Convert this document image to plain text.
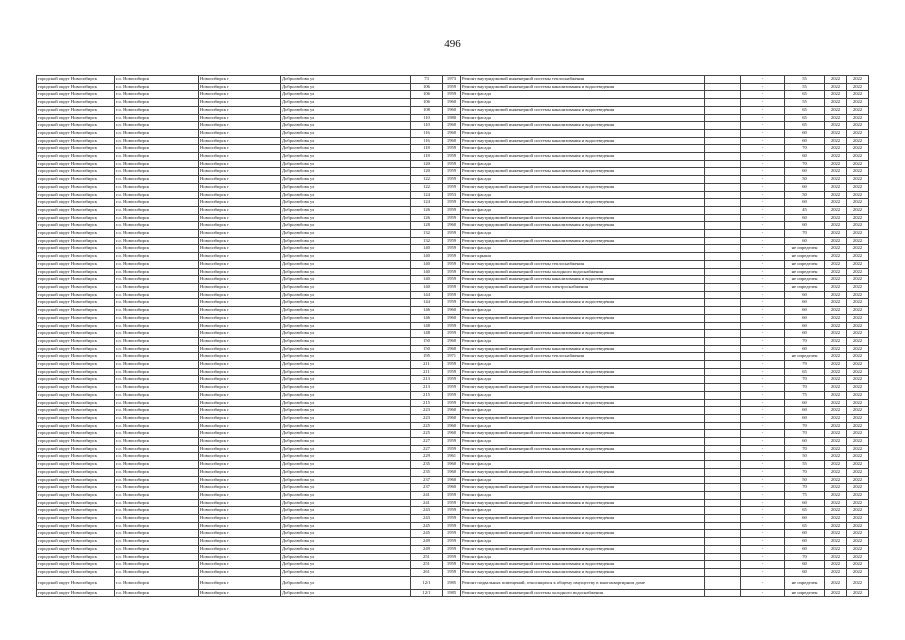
496
городской округ Новосибирск	г.о. Новосибирск	Новосибирск г	Добролюбова ул	73	1973	Ремонт внутридомовой инженерной системы теплоснабжения		-	55	2022	2022
городской округ Новосибирск	г.о. Новосибирск	Новосибирск г	Добролюбова ул	106	1959	Ремонт внутридомовой инженерной системы канализования и водоотведения		-	55	2022	2022
городской округ Новосибирск	г.о. Новосибирск	Новосибирск г	Добролюбова ул	106	1959	Ремонт фасада		-	65	2022	2022
городской округ Новосибирск	г.о. Новосибирск	Новосибирск г	Добролюбова ул	106	1960	Ремонт фасада		-	55	2022	2022
городской округ Новосибирск	г.о. Новосибирск	Новосибирск г	Добролюбова ул	108	1960	Ремонт внутридомовой инженерной системы канализования и водоотведения		-	65	2022	2022
городской округ Новосибирск	г.о. Новосибирск	Новосибирск г	Добролюбова ул	110	1980	Ремонт фасада		-	65	2022	2022
городской округ Новосибирск	г.о. Новосибирск	Новосибирск г	Добролюбова ул	110	1960	Ремонт внутридомовой инженерной системы канализования и водоотведения		-	65	2022	2022
городской округ Новосибирск	г.о. Новосибирск	Новосибирск г	Добролюбова ул	116	1960	Ремонт фасада		-	60	2022	2022
городской округ Новосибирск	г.о. Новосибирск	Новосибирск г	Добролюбова ул	116	1960	Ремонт внутридомовой инженерной системы канализования и водоотведения		-	60	2022	2022
городской округ Новосибирск	г.о. Новосибирск	Новосибирск г	Добролюбова ул	118	1959	Ремонт фасада		-	70	2022	2022
городской округ Новосибирск	г.о. Новосибирск	Новосибирск г	Добролюбова ул	118	1959	Ремонт внутридомовой инженерной системы канализования и водоотведения		-	60	2022	2022
городской округ Новосибирск	г.о. Новосибирск	Новосибирск г	Добролюбова ул	120	1959	Ремонт фасада		-	70	2022	2022
городской округ Новосибирск	г.о. Новосибирск	Новосибирск г	Добролюбова ул	120	1959	Ремонт внутридомовой инженерной системы канализования и водоотведения		-	60	2022	2022
городской округ Новосибирск	г.о. Новосибирск	Новосибирск г	Добролюбова ул	122	1959	Ремонт фасада		-	50	2022	2022
городской округ Новосибирск	г.о. Новосибирск	Новосибирск г	Добролюбова ул	122	1959	Ремонт внутридомовой инженерной системы канализования и водоотведения		-	60	2022	2022
городской округ Новосибирск	г.о. Новосибирск	Новосибирск г	Добролюбова ул	124	1953	Ремонт фасада		-	50	2022	2022
городской округ Новосибирск	г.о. Новосибирск	Новосибирск г	Добролюбова ул	124	1959	Ремонт внутридомовой инженерной системы канализования и водоотведения		-	60	2022	2022
городской округ Новосибирск	г.о. Новосибирск	Новосибирск г	Добролюбова ул	126	1959	Ремонт фасада		-	45	2022	2022
городской округ Новосибирск	г.о. Новосибирск	Новосибирск г	Добролюбова ул	126	1959	Ремонт внутридомовой инженерной системы канализования и водоотведения		-	60	2022	2022
городской округ Новосибирск	г.о. Новосибирск	Новосибирск г	Добролюбова ул	128	1960	Ремонт внутридомовой инженерной системы канализования и водоотведения		-	60	2022	2022
городской округ Новосибирск	г.о. Новосибирск	Новосибирск г	Добролюбова ул	132	1959	Ремонт фасада		-	70	2022	2022
городской округ Новосибирск	г.о. Новосибирск	Новосибирск г	Добролюбова ул	132	1959	Ремонт внутридомовой инженерной системы канализования и водоотведения		-	60	2022	2022
городской округ Новосибирск	г.о. Новосибирск	Новосибирск г	Добролюбова ул	140	1959	Ремонт фасада		-	не определен	2022	2022
городской округ Новосибирск	г.о. Новосибирск	Новосибирск г	Добролюбова ул	140	1959	Ремонт крыши		-	не определен	2022	2022
городской округ Новосибирск	г.о. Новосибирск	Новосибирск г	Добролюбова ул	140	1959	Ремонт внутридомовой инженерной системы теплоснабжения		-	не определен	2022	2022
городской округ Новосибирск	г.о. Новосибирск	Новосибирск г	Добролюбова ул	140	1959	Ремонт внутридомовой инженерной системы холодного водоснабжения		-	не определен	2022	2022
городской округ Новосибирск	г.о. Новосибирск	Новосибирск г	Добролюбова ул	140	1959	Ремонт внутридомовой инженерной системы канализования и водоотведения		-	не определен	2022	2022
городской округ Новосибирск	г.о. Новосибирск	Новосибирск г	Добролюбова ул	140	1959	Ремонт внутридомовой инженерной системы электроснабжения		-	не определен	2022	2022
городской округ Новосибирск	г.о. Новосибирск	Новосибирск г	Добролюбова ул	144	1959	Ремонт фасада		-	60	2022	2022
городской округ Новосибирск	г.о. Новосибирск	Новосибирск г	Добролюбова ул	144	1959	Ремонт внутридомовой инженерной системы канализования и водоотведения		-	60	2022	2022
городской округ Новосибирск	г.о. Новосибирск	Новосибирск г	Добролюбова ул	146	1960	Ремонт фасада		-	60	2022	2022
городской округ Новосибирск	г.о. Новосибирск	Новосибирск г	Добролюбова ул	146	1960	Ремонт внутридомовой инженерной системы канализования и водоотведения		-	60	2022	2022
городской округ Новосибирск	г.о. Новосибирск	Новосибирск г	Добролюбова ул	148	1959	Ремонт фасада		-	60	2022	2022
городской округ Новосибирск	г.о. Новосибирск	Новосибирск г	Добролюбова ул	148	1959	Ремонт внутридомовой инженерной системы канализования и водоотведения		-	60	2022	2022
городской округ Новосибирск	г.о. Новосибирск	Новосибирск г	Добролюбова ул	150	1960	Ремонт фасада		-	70	2022	2022
городской округ Новосибирск	г.о. Новосибирск	Новосибирск г	Добролюбова ул	150	1960	Ремонт внутридомовой инженерной системы канализования и водоотведения		-	60	2022	2022
городской округ Новосибирск	г.о. Новосибирск	Новосибирск г	Добролюбова ул	195	1971	Ремонт внутридомовой инженерной системы теплоснабжения		-	не определен	2022	2022
городской округ Новосибирск	г.о. Новосибирск	Новосибирск г	Добролюбова ул	211	1959	Ремонт фасада		-	79	2022	2022
городской округ Новосибирск	г.о. Новосибирск	Новосибирск г	Добролюбова ул	211	1959	Ремонт внутридомовой инженерной системы канализования и водоотведения		-	65	2022	2022
городской округ Новосибирск	г.о. Новосибирск	Новосибирск г	Добролюбова ул	213	1959	Ремонт фасада		-	70	2022	2022
городской округ Новосибирск	г.о. Новосибирск	Новосибирск г	Добролюбова ул	213	1959	Ремонт внутридомовой инженерной системы канализования и водоотведения		-	70	2022	2022
городской округ Новосибирск	г.о. Новосибирск	Новосибирск г	Добролюбова ул	215	1959	Ремонт фасада		-	75	2022	2022
городской округ Новосибирск	г.о. Новосибирск	Новосибирск г	Добролюбова ул	215	1959	Ремонт внутридомовой инженерной системы канализования и водоотведения		-	60	2022	2022
городской округ Новосибирск	г.о. Новосибирск	Новосибирск г	Добролюбова ул	223	1960	Ремонт фасада		-	60	2022	2022
городской округ Новосибирск	г.о. Новосибирск	Новосибирск г	Добролюбова ул	223	1960	Ремонт внутридомовой инженерной системы канализования и водоотведения		-	60	2022	2022
городской округ Новосибирск	г.о. Новосибирск	Новосибирск г	Добролюбова ул	225	1960	Ремонт фасада		-	70	2022	2022
городской округ Новосибирск	г.о. Новосибирск	Новосибирск г	Добролюбова ул	225	1960	Ремонт внутридомовой инженерной системы канализования и водоотведения		-	70	2022	2022
городской округ Новосибирск	г.о. Новосибирск	Новосибирск г	Добролюбова ул	227	1959	Ремонт фасада		-	60	2022	2022
городской округ Новосибирск	г.о. Новосибирск	Новосибирск г	Добролюбова ул	227	1959	Ремонт внутридомовой инженерной системы канализования и водоотведения		-	70	2022	2022
городской округ Новосибирск	г.о. Новосибирск	Новосибирск г	Добролюбова ул	229	1961	Ремонт фасада		-	50	2022	2022
городской округ Новосибирск	г.о. Новосибирск	Новосибирск г	Добролюбова ул	235	1960	Ремонт фасада		-	55	2022	2022
городской округ Новосибирск	г.о. Новосибирск	Новосибирск г	Добролюбова ул	235	1960	Ремонт внутридомовой инженерной системы канализования и водоотведения		-	70	2022	2022
городской округ Новосибирск	г.о. Новосибирск	Новосибирск г	Добролюбова ул	237	1960	Ремонт фасада		-	50	2022	2022
городской округ Новосибирск	г.о. Новосибирск	Новосибирск г	Добролюбова ул	237	1960	Ремонт внутридомовой инженерной системы канализования и водоотведения		-	70	2022	2022
городской округ Новосибирск	г.о. Новосибирск	Новосибирск г	Добролюбова ул	241	1959	Ремонт фасада		-	75	2022	2022
городской округ Новосибирск	г.о. Новосибирск	Новосибирск г	Добролюбова ул	241	1959	Ремонт внутридомовой инженерной системы канализования и водоотведения		-	60	2022	2022
городской округ Новосибирск	г.о. Новосибирск	Новосибирск г	Добролюбова ул	243	1959	Ремонт фасада		-	65	2022	2022
городской округ Новосибирск	г.о. Новосибирск	Новосибирск г	Добролюбова ул	243	1959	Ремонт внутридомовой инженерной системы канализования и водоотведения		-	60	2022	2022
городской округ Новосибирск	г.о. Новосибирск	Новосибирск г	Добролюбова ул	245	1959	Ремонт фасада		-	65	2022	2022
городской округ Новосибирск	г.о. Новосибирск	Новосибирск г	Добролюбова ул	245	1959	Ремонт внутридомовой инженерной системы канализования и водоотведения		-	60	2022	2022
городской округ Новосибирск	г.о. Новосибирск	Новосибирск г	Добролюбова ул	249	1959	Ремонт фасада		-	60	2022	2022
городской округ Новосибирск	г.о. Новосибирск	Новосибирск г	Добролюбова ул	249	1959	Ремонт внутридомовой инженерной системы канализования и водоотведения		-	60	2022	2022
городской округ Новосибирск	г.о. Новосибирск	Новосибирск г	Добролюбова ул	251	1959	Ремонт фасада		-	70	2022	2022
городской округ Новосибирск	г.о. Новосибирск	Новосибирск г	Добролюбова ул	251	1959	Ремонт внутридомовой инженерной системы канализования и водоотведения		-	60	2022	2022
городской округ Новосибирск	г.о. Новосибирск	Новосибирск г	Добролюбова ул	261	1959	Ремонт внутридомовой инженерной системы канализования и водоотведения		-	60	2022	2022
городской округ Новосибирск	г.о. Новосибирск	Новосибирск г	Добролюбова ул	12/1	1985	Ремонт подвальных помещений, относящихся к общему имуществу в многоквартирном доме		-	не определен	2022	2022
городской округ Новосибирск	г.о. Новосибирск	Новосибирск г	Добролюбова ул	12/1	1985	Ремонт внутридомовой инженерной системы холодного водоснабжения		-	не определен	2022	2022
